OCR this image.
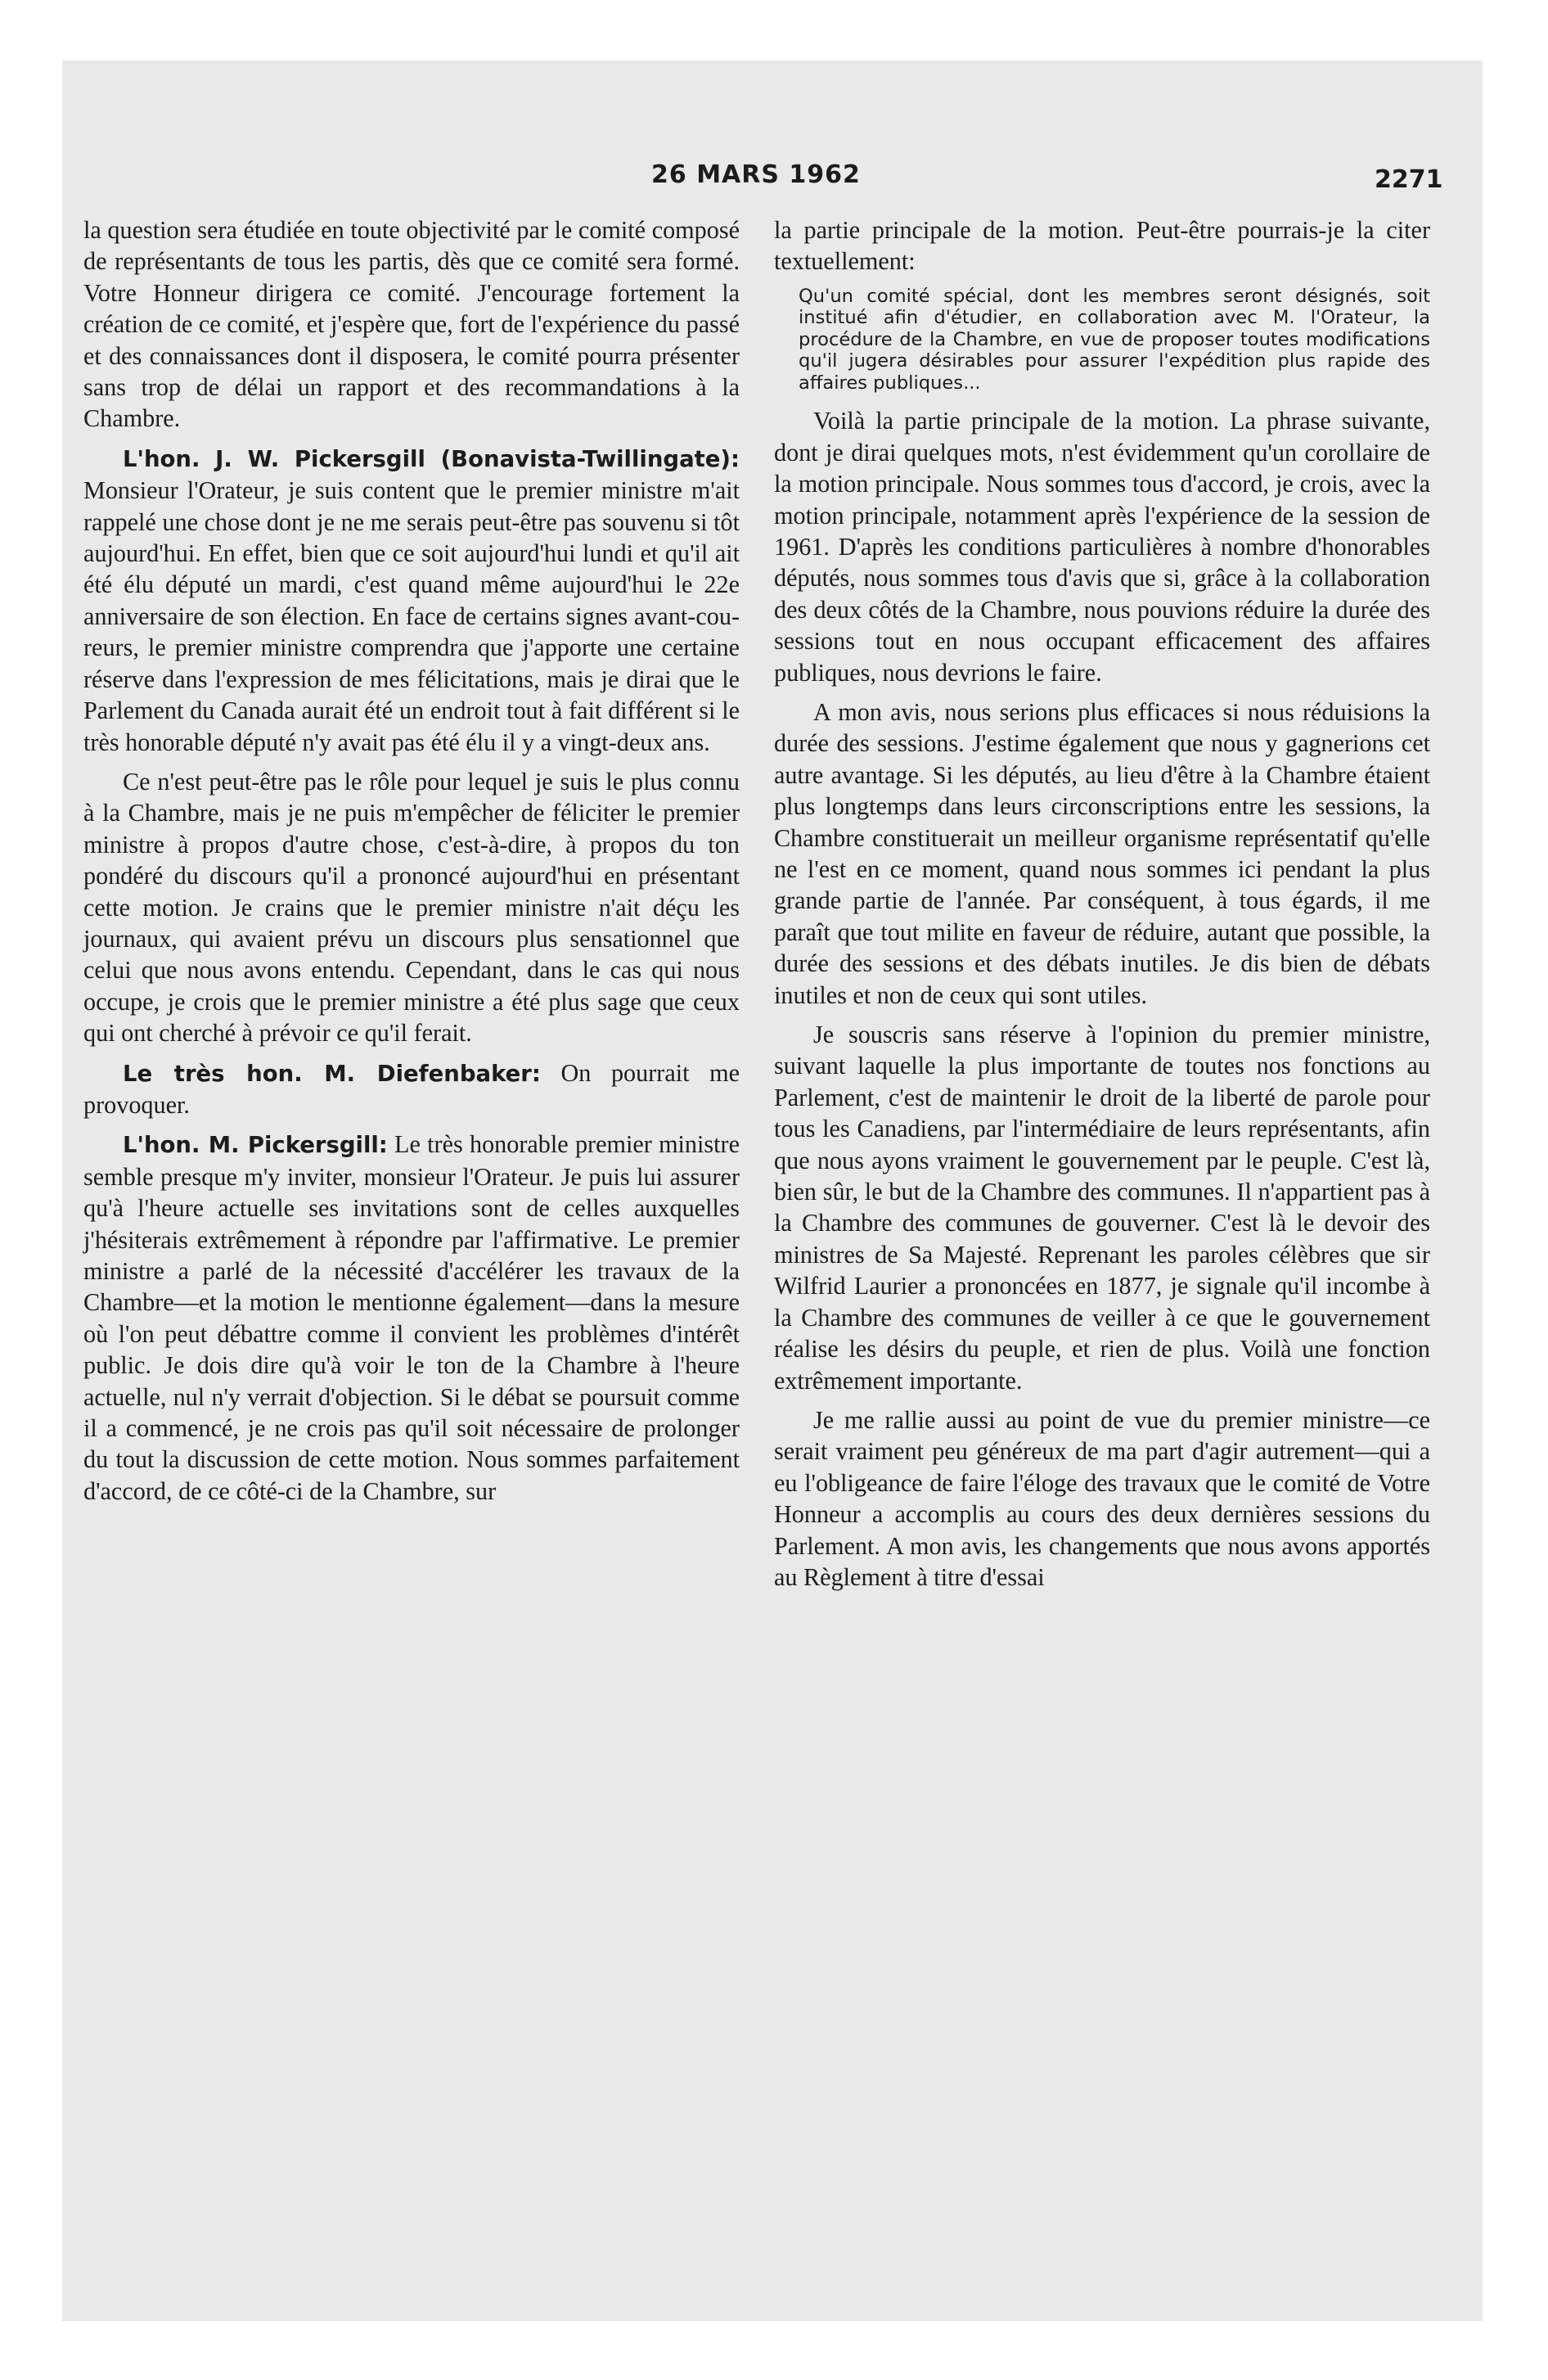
26 MARS 1962	2271

la question sera étudiée en toute objectivité par le comité composé de représentants de tous les partis, dès que ce comité sera formé. Votre Honneur dirigera ce comité. J'encourage fortement la création de ce comité, et j'espère que, fort de l'expérience du passé et des connaissances dont il disposera, le comité pourra présenter sans trop de délai un rapport et des recommandations à la Chambre.

L'hon. J. W. Pickersgill (Bonavista-Twillingate): Monsieur l'Orateur, je suis content que le premier ministre m'ait rappelé une chose dont je ne me serais peut-être pas souvenu si tôt aujourd'hui. En effet, bien que ce soit aujourd'hui lundi et qu'il ait été élu député un mardi, c'est quand même aujourd'hui le 22e anniversaire de son élection. En face de certains signes avant-coureurs, le premier ministre comprendra que j'apporte une certaine réserve dans l'expression de mes félicitations, mais je dirai que le Parlement du Canada aurait été un endroit tout à fait différent si le très honorable député n'y avait pas été élu il y a vingt-deux ans.

Ce n'est peut-être pas le rôle pour lequel je suis le plus connu à la Chambre, mais je ne puis m'empêcher de féliciter le premier ministre à propos d'autre chose, c'est-à-dire, à propos du ton pondéré du discours qu'il a prononcé aujourd'hui en présentant cette motion. Je crains que le premier ministre n'ait déçu les journaux, qui avaient prévu un discours plus sensationnel que celui que nous avons entendu. Cependant, dans le cas qui nous occupe, je crois que le premier ministre a été plus sage que ceux qui ont cherché à prévoir ce qu'il ferait.

Le très hon. M. Diefenbaker: On pourrait me provoquer.

L'hon. M. Pickersgill: Le très honorable premier ministre semble presque m'y inviter, monsieur l'Orateur. Je puis lui assurer qu'à l'heure actuelle ses invitations sont de celles auxquelles j'hésiterais extrêmement à répondre par l'affirmative. Le premier ministre a parlé de la nécessité d'accélérer les travaux de la Chambre—et la motion le mentionne également—dans la mesure où l'on peut débattre comme il convient les problèmes d'intérêt public. Je dois dire qu'à voir le ton de la Chambre à l'heure actuelle, nul n'y verrait d'objection. Si le débat se poursuit comme il a commencé, je ne crois pas qu'il soit nécessaire de prolonger du tout la discussion de cette motion. Nous sommes parfaitement d'accord, de ce côté-ci de la Chambre, sur

la partie principale de la motion. Peut-être pourrais-je la citer textuellement:

Qu'un comité spécial, dont les membres seront désignés, soit institué afin d'étudier, en collaboration avec M. l'Orateur, la procédure de la Chambre, en vue de proposer toutes modifications qu'il jugera désirables pour assurer l'expédition plus rapide des affaires publiques...

Voilà la partie principale de la motion. La phrase suivante, dont je dirai quelques mots, n'est évidemment qu'un corollaire de la motion principale. Nous sommes tous d'accord, je crois, avec la motion principale, notamment après l'expérience de la session de 1961. D'après les conditions particulières à nombre d'honorables députés, nous sommes tous d'avis que si, grâce à la collaboration des deux côtés de la Chambre, nous pouvions réduire la durée des sessions tout en nous occupant efficacement des affaires publiques, nous devrions le faire.

A mon avis, nous serions plus efficaces si nous réduisions la durée des sessions. J'estime également que nous y gagnerions cet autre avantage. Si les députés, au lieu d'être à la Chambre étaient plus longtemps dans leurs circonscriptions entre les sessions, la Chambre constituerait un meilleur organisme représentatif qu'elle ne l'est en ce moment, quand nous sommes ici pendant la plus grande partie de l'année. Par conséquent, à tous égards, il me paraît que tout milite en faveur de réduire, autant que possible, la durée des sessions et des débats inutiles. Je dis bien de débats inutiles et non de ceux qui sont utiles.

Je souscris sans réserve à l'opinion du premier ministre, suivant laquelle la plus importante de toutes nos fonctions au Parlement, c'est de maintenir le droit de la liberté de parole pour tous les Canadiens, par l'intermédiaire de leurs représentants, afin que nous ayons vraiment le gouvernement par le peuple. C'est là, bien sûr, le but de la Chambre des communes. Il n'appartient pas à la Chambre des communes de gouverner. C'est là le devoir des ministres de Sa Majesté. Reprenant les paroles célèbres que sir Wilfrid Laurier a prononcées en 1877, je signale qu'il incombe à la Chambre des communes de veiller à ce que le gouvernement réalise les désirs du peuple, et rien de plus. Voilà une fonction extrêmement importante.

Je me rallie aussi au point de vue du premier ministre—ce serait vraiment peu généreux de ma part d'agir autrement—qui a eu l'obligeance de faire l'éloge des travaux que le comité de Votre Honneur a accomplis au cours des deux dernières sessions du Parlement. A mon avis, les changements que nous avons apportés au Règlement à titre d'essai
